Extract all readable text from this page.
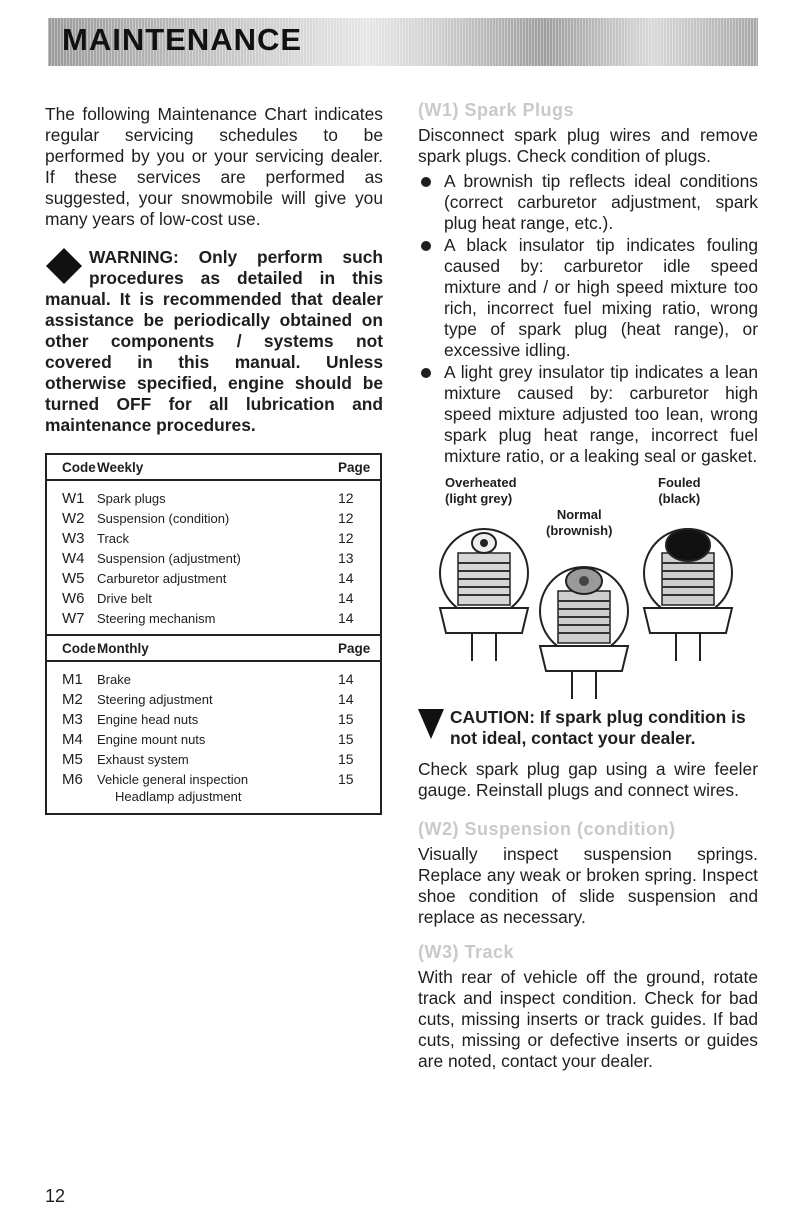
MAINTENANCE

The following Maintenance Chart indicates regular servicing schedules to be performed by you or your servicing dealer. If these services are performed as suggested, your snowmobile will give you many years of low-cost use.

WARNING: Only perform such procedures as detailed in this manual. It is recommended that dealer assistance be periodically obtained on other components / systems not covered in this manual. Unless otherwise specified, engine should be turned OFF for all lubrication and maintenance procedures.
Code Weekly	Page
W1 Spark plugs	12
W2 Suspension (condition)	12
W3 Track	12
W4 Suspension (adjustment)	13
W5 Carburetor adjustment	14
W6 Drive belt	14
W7 Steering mechanism	14
Code Monthly	Page
M1	Brake	14
M2	Steering adjustment	14
M3	Engine head nuts	15
M4	Engine mount nuts	15
M5	Exhaust system	15
M6	Vehicle general inspection	15
Headlamp adjustment
(W1) Spark Plugs

Disconnect spark plug wires and remove spark plugs. Check condition of plugs.

A brownish tip reflects ideal conditions (correct carburetor adjustment, spark plug heat range, etc.).
A black insulator tip indicates fouling caused by: carburetor idle speed mixture and / or high speed mixture too rich, incorrect fuel mixing ratio, wrong type of spark plug (heat range), or excessive idling.
A light grey insulator tip indicates a lean mixture caused by: carburetor high speed mixture adjusted too lean, wrong spark plug heat range, incorrect fuel mixture ratio, or a leaking seal or gasket.
Overheated
(light grey)
Normal
(brownish)
Fouled
(black)
CAUTION: If spark plug condition is not ideal, contact your dealer.

Check spark plug gap using a wire feeler gauge. Reinstall plugs and connect wires.

(W2) Suspension (condition)

Visually inspect suspension springs. Replace any weak or broken spring. Inspect shoe condition of slide suspension and replace as necessary.

(W3) Track

With rear of vehicle off the ground, rotate track and inspect condition. Check for bad cuts, missing inserts or track guides. If bad cuts, missing or defective inserts or guides are noted, contact your dealer.

12
